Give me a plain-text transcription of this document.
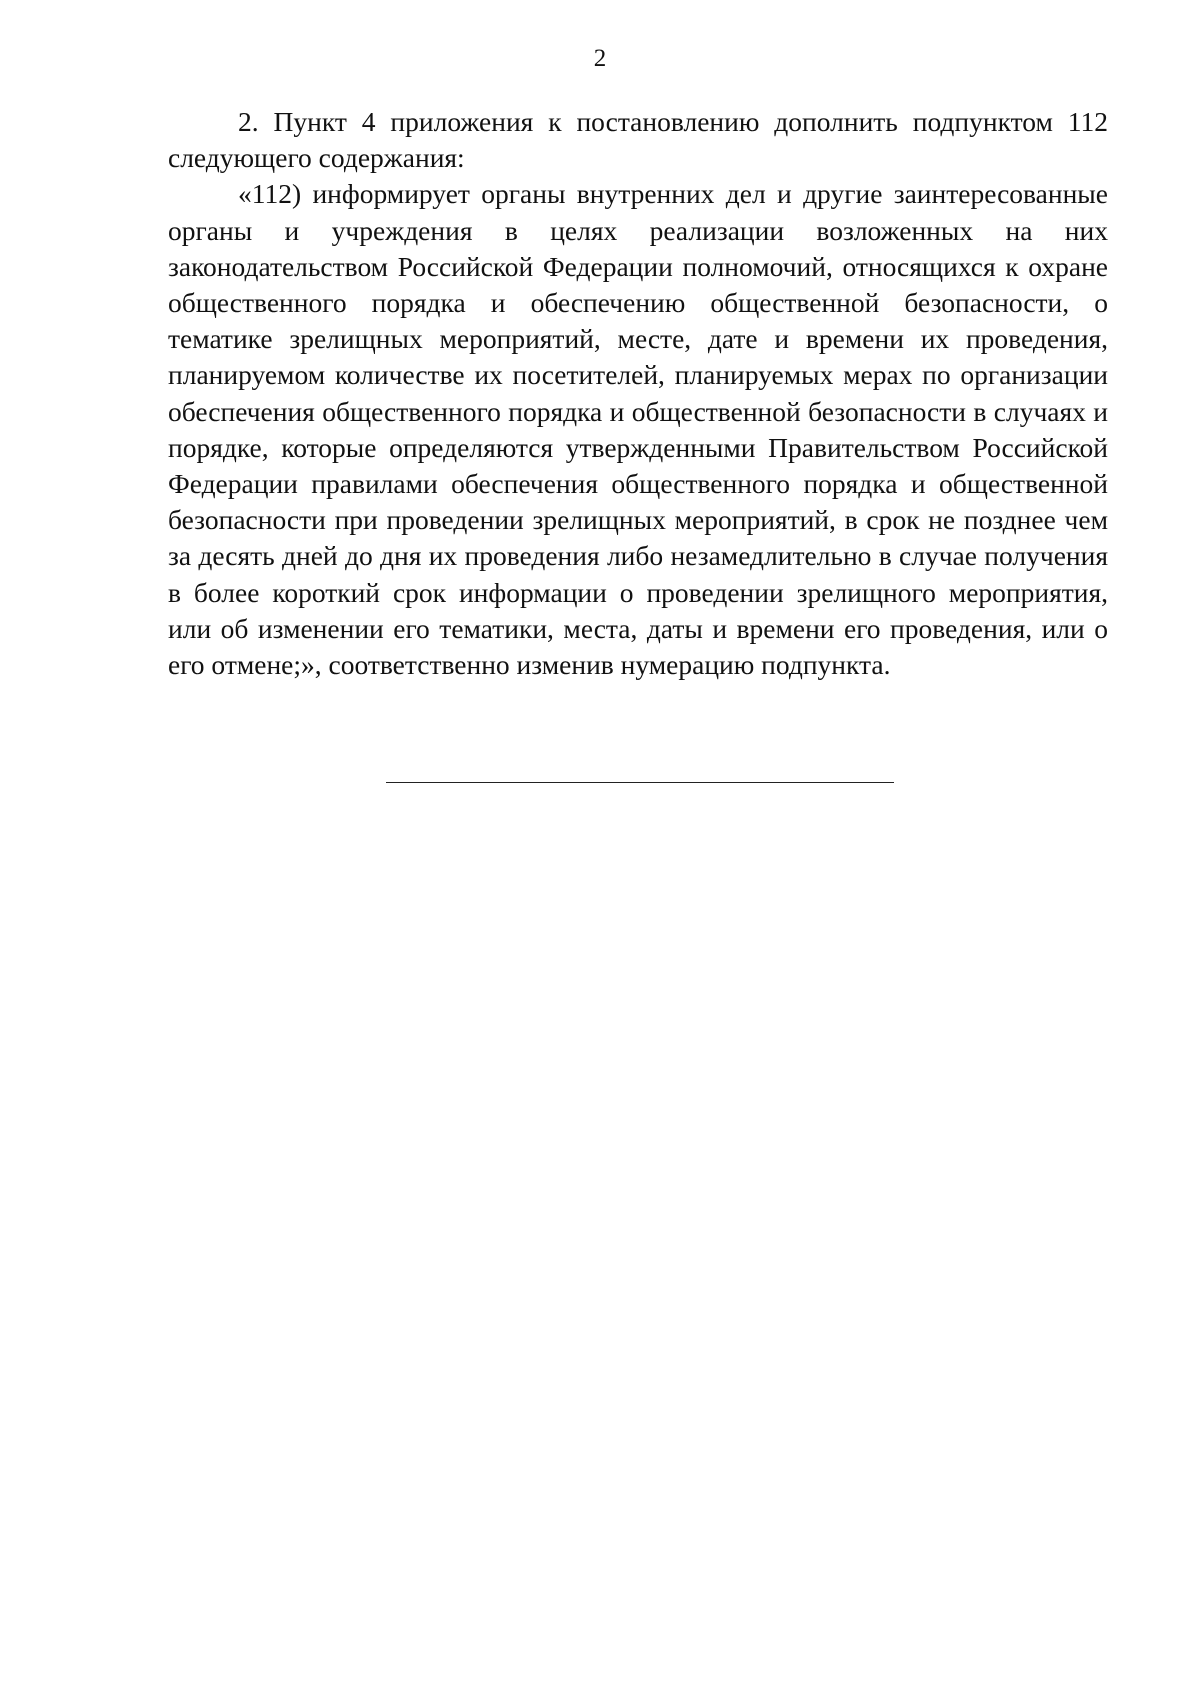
2

2. Пункт 4 приложения к постановлению дополнить подпунктом 112 следующего содержания:

«112) информирует органы внутренних дел и другие заинтересованные органы и учреждения в целях реализации возложенных на них законодательством Российской Федерации полномочий, относящихся к охране общественного порядка и обеспечению общественной безопасности, о тематике зрелищных мероприятий, месте, дате и времени их проведения, планируемом количестве их посетителей, планируемых мерах по организации обеспечения общественного порядка и общественной безопасности в случаях и порядке, которые определяются утвержденными Правительством Российской Федерации правилами обеспечения общественного порядка и общественной безопасности при проведении зрелищных мероприятий, в срок не позднее чем за десять дней до дня их проведения либо незамедлительно в случае получения в более короткий срок информации о проведении зрелищного мероприятия, или об изменении его тематики, места, даты и времени его проведения, или о его отмене;», соответственно изменив нумерацию подпункта.
